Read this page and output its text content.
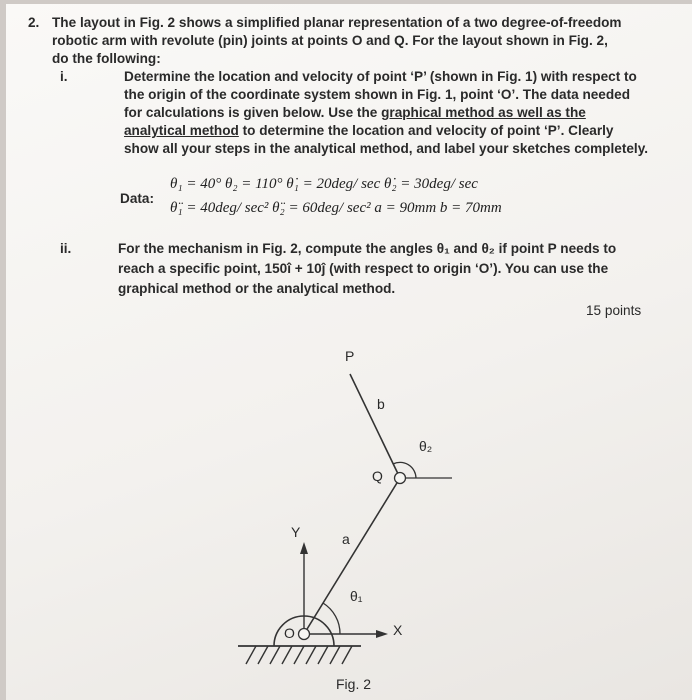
2. The layout in Fig. 2 shows a simplified planar representation of a two degree-of-freedom
robotic arm with revolute (pin) joints at points O and Q. For the layout shown in Fig. 2,
do the following:
i.	Determine the location and velocity of point ‘P’ (shown in Fig. 1) with respect to
the origin of the coordinate system shown in Fig. 1, point ‘O’. The data needed
for calculations is given below. Use the graphical method as well as the
analytical method to determine the location and velocity of point ‘P’. Clearly
show all your steps in the analytical method, and label your sketches completely.
Data:
θ₁ = 40° θ₂ = 110° θ̇₁ = 20deg/ sec θ̇₂ = 30deg/ sec
θ̈₁ = 40deg/ sec² θ̈₂ = 60deg/ sec² a = 90mm b = 70mm
ii.	For the mechanism in Fig. 2, compute the angles θ₁ and θ₂ if point P needs to
reach a specific point, 150î + 10ĵ (with respect to origin ‘O’). You can use the
graphical method or the analytical method.
15 points
P
b
θ₂
Q
Y	a
θ₁
O	X
Fig. 2
